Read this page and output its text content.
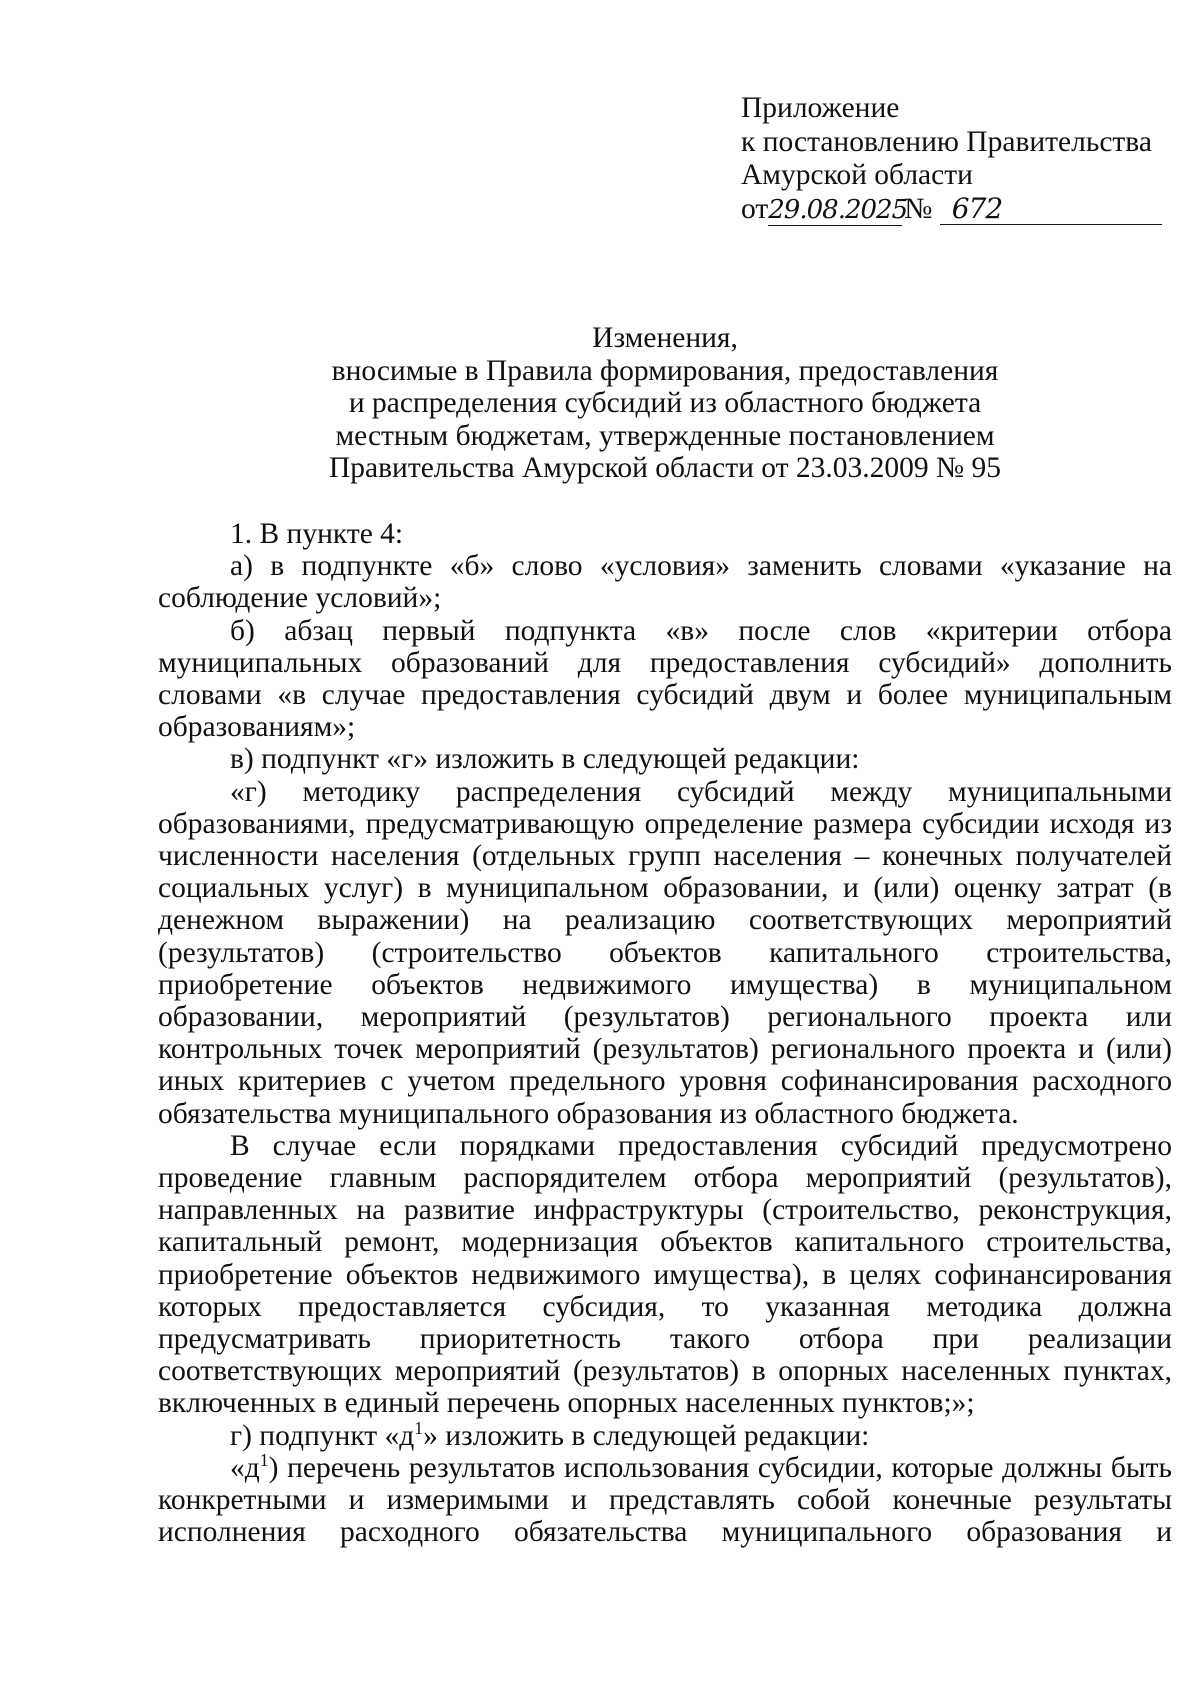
Приложение
к постановлению Правительства
Амурской области
от29.08.2025№ 672
Изменения,
вносимые в Правила формирования, предоставления
и распределения субсидий из областного бюджета
местным бюджетам, утвержденные постановлением
Правительства Амурской области от 23.03.2009 № 95

1. В пункте 4:

а) в подпункте «б» слово «условия» заменить словами «указание на соблюдение условий»;

б) абзац первый подпункта «в» после слов «критерии отбора муниципальных образований для предоставления субсидий» дополнить словами «в случае предоставления субсидий двум и более муниципальным образованиям»;

в) подпункт «г» изложить в следующей редакции:

«г) методику распределения субсидий между муниципальными образованиями, предусматривающую определение размера субсидии исходя из численности населения (отдельных групп населения – конечных получателей социальных услуг) в муниципальном образовании, и (или) оценку затрат (в денежном выражении) на реализацию соответствующих мероприятий (результатов) (строительство объектов капитального строительства, приобретение объектов недвижимого имущества) в муниципальном образовании, мероприятий (результатов) регионального проекта или контрольных точек мероприятий (результатов) регионального проекта и (или) иных критериев с учетом предельного уровня софинансирования расходного обязательства муниципального образования из областного бюджета.

В случае если порядками предоставления субсидий предусмотрено проведение главным распорядителем отбора мероприятий (результатов), направленных на развитие инфраструктуры (строительство, реконструкция, капитальный ремонт, модернизация объектов капитального строительства, приобретение объектов недвижимого имущества), в целях софинансирования которых предоставляется субсидия, то указанная методика должна предусматривать приоритетность такого отбора при реализации соответствующих мероприятий (результатов) в опорных населенных пунктах, включенных в единый перечень опорных населенных пунктов;»;

г) подпункт «$д^1$» изложить в следующей редакции:

«$д^1$) перечень результатов использования субсидии, которые должны быть конкретными и измеримыми и представлять собой конечные результаты исполнения расходного обязательства муниципального образования и
